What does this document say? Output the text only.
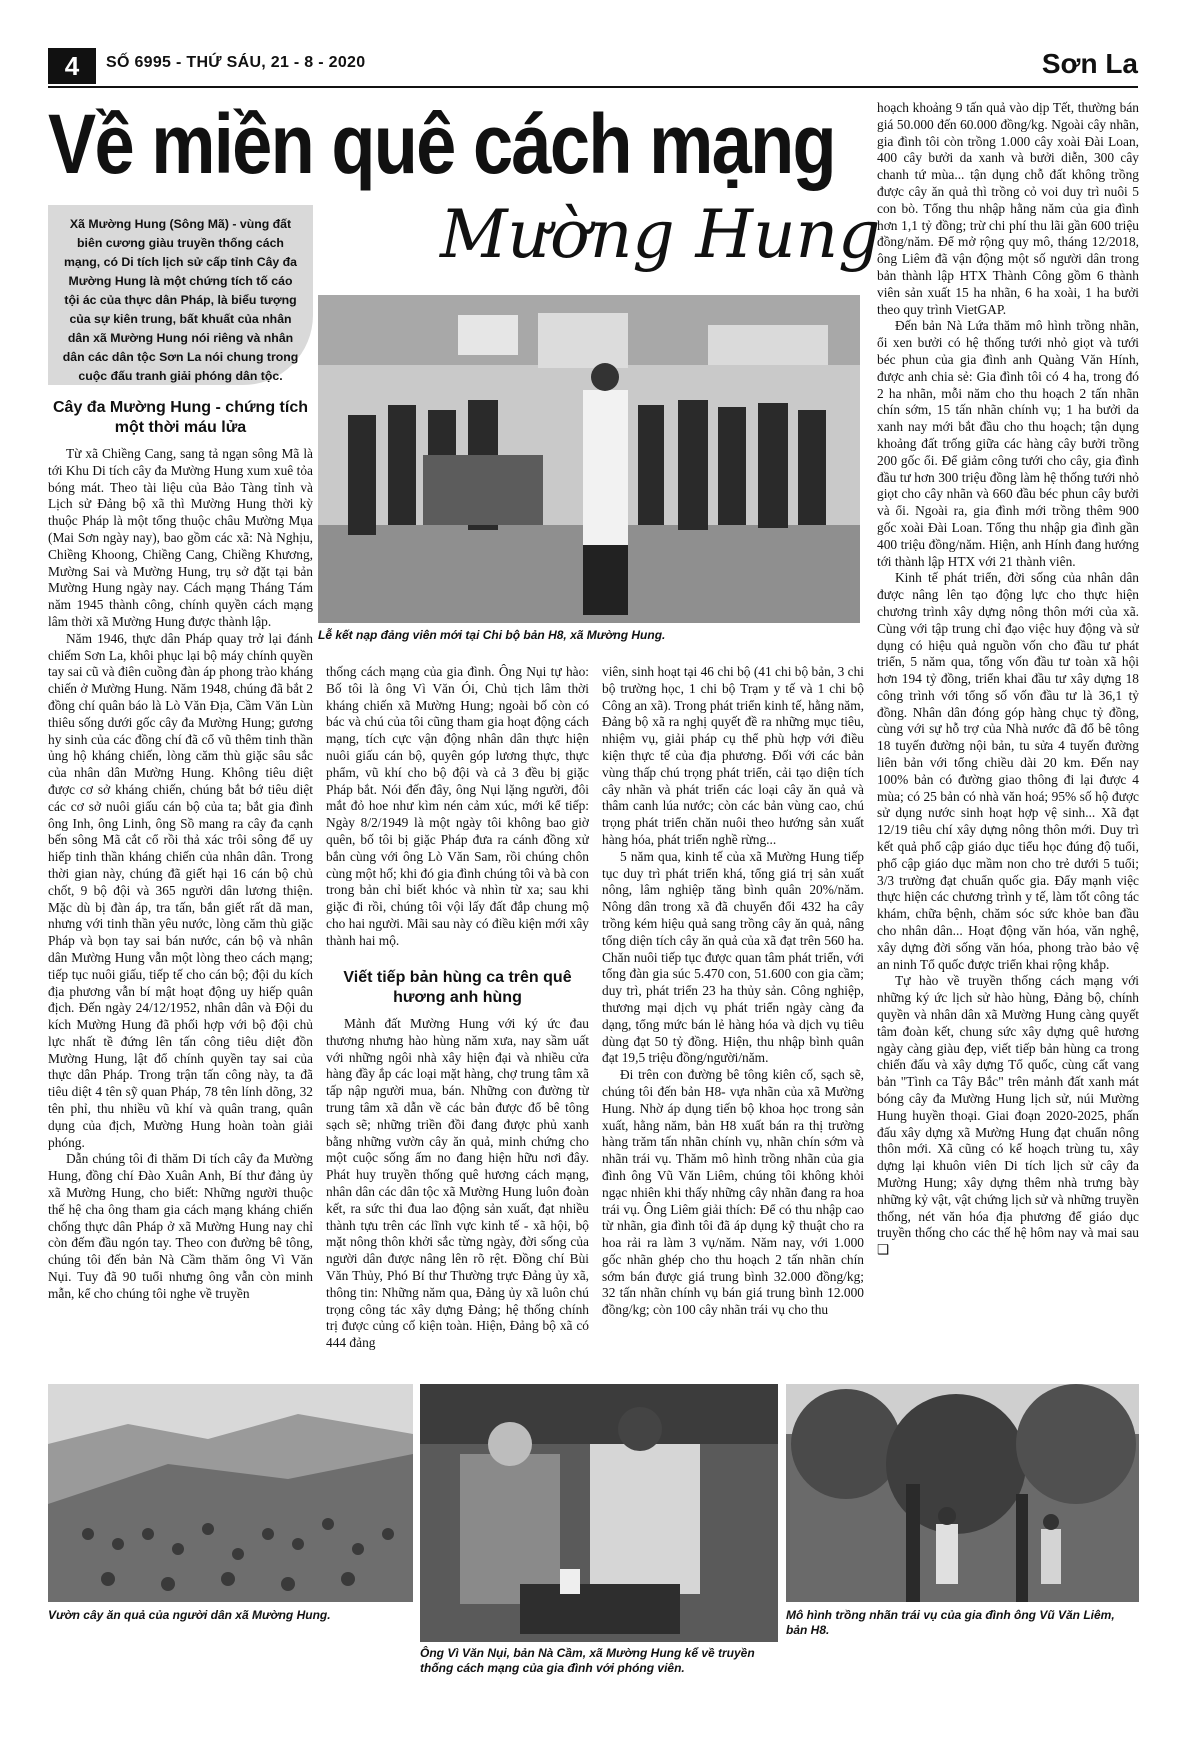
4	SỐ 6995 - THỨ SÁU, 21 - 8 - 2020	Sơn La
Về miền quê cách mạng
Mường Hung
Xã Mường Hung (Sông Mã) - vùng đất biên cương giàu truyền thống cách mạng, có Di tích lịch sử cấp tỉnh Cây đa Mường Hung là một chứng tích tố cáo tội ác của thực dân Pháp, là biểu tượng của sự kiên trung, bất khuất của nhân dân xã Mường Hung nói riêng và nhân dân các dân tộc Sơn La nói chung trong cuộc đấu tranh giải phóng dân tộc.
Lễ kết nạp đảng viên mới tại Chi bộ bản H8, xã Mường Hung.
Cây đa Mường Hung - chứng tích một thời máu lửa

Từ xã Chiềng Cang, sang tả ngạn sông Mã là tới Khu Di tích cây đa Mường Hung xum xuê tỏa bóng mát. Theo tài liệu của Bảo Tàng tỉnh và Lịch sử Đảng bộ xã thì Mường Hung thời kỳ thuộc Pháp là một tổng thuộc châu Mường Mụa (Mai Sơn ngày nay), bao gồm các xã: Nà Nghịu, Chiềng Khoong, Chiềng Cang, Chiềng Khương, Mường Sai và Mường Hung, trụ sở đặt tại bản Mường Hung ngày nay. Cách mạng Tháng Tám năm 1945 thành công, chính quyền cách mạng lâm thời xã Mường Hung được thành lập.

Năm 1946, thực dân Pháp quay trở lại đánh chiếm Sơn La, khôi phục lại bộ máy chính quyền tay sai cũ và điên cuồng đàn áp phong trào kháng chiến ở Mường Hung. Năm 1948, chúng đã bắt 2 đồng chí quân báo là Lò Văn Địa, Cầm Văn Lùn thiêu sống dưới gốc cây đa Mường Hung; gương hy sinh của các đồng chí đã cổ vũ thêm tinh thần ủng hộ kháng chiến, lòng căm thù giặc sâu sắc của nhân dân Mường Hung. Không tiêu diệt được cơ sở kháng chiến, chúng bắt bớ tiêu diệt các cơ sở nuôi giấu cán bộ của ta; bắt gia đình ông Inh, ông Linh, ông Sồ mang ra cây đa cạnh bến sông Mã cắt cổ rồi thả xác trôi sông để uy hiếp tinh thần kháng chiến của nhân dân. Trong thời gian này, chúng đã giết hại 16 cán bộ chủ chốt, 9 bộ đội và 365 người dân lương thiện. Mặc dù bị đàn áp, tra tấn, bắn giết rất dã man, nhưng với tinh thần yêu nước, lòng căm thù giặc Pháp và bọn tay sai bán nước, cán bộ và nhân dân Mường Hung vẫn một lòng theo cách mạng; tiếp tục nuôi giấu, tiếp tế cho cán bộ; đội du kích địa phương vẫn bí mật hoạt động uy hiếp quân địch. Đến ngày 24/12/1952, nhân dân và Đội du kích Mường Hung đã phối hợp với bộ đội chủ lực nhất tề đứng lên tấn công tiêu diệt đồn Mường Hung, lật đổ chính quyền tay sai của thực dân Pháp. Trong trận tấn công này, ta đã tiêu diệt 4 tên sỹ quan Pháp, 78 tên lính dõng, 32 tên phỉ, thu nhiều vũ khí và quân trang, quân dụng của địch, Mường Hung hoàn toàn giải phóng.

Dẫn chúng tôi đi thăm Di tích cây đa Mường Hung, đồng chí Đào Xuân Anh, Bí thư đảng ủy xã Mường Hung, cho biết: Những người thuộc thế hệ cha ông tham gia cách mạng kháng chiến chống thực dân Pháp ở xã Mường Hung nay chỉ còn đếm đầu ngón tay. Theo con đường bê tông, chúng tôi đến bản Nà Cầm thăm ông Vì Văn Nụi. Tuy đã 90 tuổi nhưng ông vẫn còn minh mẫn, kể cho chúng tôi nghe về truyền

thống cách mạng của gia đình. Ông Nụi tự hào: Bố tôi là ông Vì Văn Ói, Chủ tịch lâm thời kháng chiến xã Mường Hung; ngoài bố còn có bác và chú của tôi cũng tham gia hoạt động cách mạng, tích cực vận động nhân dân thực hiện nuôi giấu cán bộ, quyên góp lương thực, thực phẩm, vũ khí cho bộ đội và cả 3 đều bị giặc Pháp bắt. Nói đến đây, ông Nụi lặng người, đôi mắt đỏ hoe như kìm nén cảm xúc, mới kể tiếp: Ngày 8/2/1949 là một ngày tôi không bao giờ quên, bố tôi bị giặc Pháp đưa ra cánh đồng xử bắn cùng với ông Lò Văn Sam, rồi chúng chôn cùng một hố; khi đó gia đình chúng tôi và bà con trong bản chỉ biết khóc và nhìn từ xa; sau khi giặc đi rồi, chúng tôi vội lấy đất đắp chung mộ cho hai người. Mãi sau này có điều kiện mới xây thành hai mộ.

Viết tiếp bản hùng ca trên quê hương anh hùng

Mảnh đất Mường Hung với ký ức đau thương nhưng hào hùng năm xưa, nay sầm uất với những ngôi nhà xây hiện đại và nhiều cửa hàng đầy ắp các loại mặt hàng, chợ trung tâm xã tấp nập người mua, bán. Những con đường từ trung tâm xã dẫn về các bản được đổ bê tông sạch sẽ; những triền đồi đang được phủ xanh bằng những vườn cây ăn quả, minh chứng cho một cuộc sống ấm no đang hiện hữu nơi đây. Phát huy truyền thống quê hương cách mạng, nhân dân các dân tộc xã Mường Hung luôn đoàn kết, ra sức thi đua lao động sản xuất, đạt nhiều thành tựu trên các lĩnh vực kinh tế - xã hội, bộ mặt nông thôn khởi sắc từng ngày, đời sống của người dân được nâng lên rõ rệt. Đồng chí Bùi Văn Thủy, Phó Bí thư Thường trực Đảng ủy xã, thông tin: Những năm qua, Đảng ủy xã luôn chú trọng công tác xây dựng Đảng; hệ thống chính trị được củng cố kiện toàn. Hiện, Đảng bộ xã có 444 đảng

viên, sinh hoạt tại 46 chi bộ (41 chi bộ bản, 3 chi bộ trường học, 1 chi bộ Trạm y tế và 1 chi bộ Công an xã). Trong phát triển kinh tế, hằng năm, Đảng bộ xã ra nghị quyết đề ra những mục tiêu, nhiệm vụ, giải pháp cụ thể phù hợp với điều kiện thực tế của địa phương. Đối với các bản vùng thấp chú trọng phát triển, cải tạo diện tích cây nhãn và phát triển các loại cây ăn quả và thâm canh lúa nước; còn các bản vùng cao, chú trọng phát triển chăn nuôi theo hướng sản xuất hàng hóa, phát triển nghề rừng...

5 năm qua, kinh tế của xã Mường Hung tiếp tục duy trì phát triển khá, tổng giá trị sản xuất nông, lâm nghiệp tăng bình quân 20%/năm. Nông dân trong xã đã chuyển đổi 432 ha cây trồng kém hiệu quả sang trồng cây ăn quả, nâng tổng diện tích cây ăn quả của xã đạt trên 560 ha. Chăn nuôi tiếp tục được quan tâm phát triển, với tổng đàn gia súc 5.470 con, 51.600 con gia cầm; duy trì, phát triển 23 ha thủy sản. Công nghiệp, thương mại dịch vụ phát triển ngày càng đa dạng, tổng mức bán lẻ hàng hóa và dịch vụ tiêu dùng đạt 50 tỷ đồng. Hiện, thu nhập bình quân đạt 19,5 triệu đồng/người/năm.

Đi trên con đường bê tông kiên cố, sạch sẽ, chúng tôi đến bản H8- vựa nhãn của xã Mường Hung. Nhờ áp dụng tiến bộ khoa học trong sản xuất, hằng năm, bản H8 xuất bán ra thị trường hàng trăm tấn nhãn chính vụ, nhãn chín sớm và nhãn trái vụ. Thăm mô hình trồng nhãn của gia đình ông Vũ Văn Liêm, chúng tôi không khỏi ngạc nhiên khi thấy những cây nhãn đang ra hoa trái vụ. Ông Liêm giải thích: Để có thu nhập cao từ nhãn, gia đình tôi đã áp dụng kỹ thuật cho ra hoa rải ra làm 3 vụ/năm. Năm nay, với 1.000 gốc nhãn ghép cho thu hoạch 2 tấn nhãn chín sớm bán được giá trung bình 32.000 đồng/kg; 32 tấn nhãn chính vụ bán giá trung bình 12.000 đồng/kg; còn 100 cây nhãn trái vụ cho thu

hoạch khoảng 9 tấn quả vào dịp Tết, thường bán giá 50.000 đến 60.000 đồng/kg. Ngoài cây nhãn, gia đình tôi còn trồng 1.000 cây xoài Đài Loan, 400 cây bưởi da xanh và bưởi diễn, 300 cây chanh tứ mùa... tận dụng chỗ đất không trồng được cây ăn quả thì trồng cỏ voi duy trì nuôi 5 con bò. Tổng thu nhập hằng năm của gia đình hơn 1,1 tỷ đồng; trừ chi phí thu lãi gần 600 triệu đồng/năm. Để mở rộng quy mô, tháng 12/2018, ông Liêm đã vận động một số người dân trong bản thành lập HTX Thành Công gồm 6 thành viên sản xuất 15 ha nhãn, 6 ha xoài, 1 ha bưởi theo quy trình VietGAP.

Đến bản Nà Lứa thăm mô hình trồng nhãn, ổi xen bưởi có hệ thống tưới nhỏ giọt và tưới béc phun của gia đình anh Quàng Văn Hính, được anh chia sẻ: Gia đình tôi có 4 ha, trong đó 2 ha nhãn, mỗi năm cho thu hoạch 2 tấn nhãn chín sớm, 15 tấn nhãn chính vụ; 1 ha bưởi da xanh nay mới bắt đầu cho thu hoạch; tận dụng khoảng đất trống giữa các hàng cây bưởi trồng 200 gốc ổi. Để giảm công tưới cho cây, gia đình đầu tư hơn 300 triệu đồng làm hệ thống tưới nhỏ giọt cho cây nhãn và 660 đầu béc phun cây bưởi và ổi. Ngoài ra, gia đình mới trồng thêm 900 gốc xoài Đài Loan. Tổng thu nhập gia đình gần 400 triệu đồng/năm. Hiện, anh Hính đang hướng tới thành lập HTX với 21 thành viên.

Kinh tế phát triển, đời sống của nhân dân được nâng lên tạo động lực cho thực hiện chương trình xây dựng nông thôn mới của xã. Cùng với tập trung chỉ đạo việc huy động và sử dụng có hiệu quả nguồn vốn cho đầu tư phát triển, 5 năm qua, tổng vốn đầu tư toàn xã hội hơn 194 tỷ đồng, triển khai đầu tư xây dựng 18 công trình với tổng số vốn đầu tư là 36,1 tỷ đồng. Nhân dân đóng góp hàng chục tỷ đồng, cùng với sự hỗ trợ của Nhà nước đã đổ bê tông 18 tuyến đường nội bản, tu sửa 4 tuyến đường liên bản với tổng chiều dài 20 km. Đến nay 100% bản có đường giao thông đi lại được 4 mùa; có 25 bản có nhà văn hoá; 95% số hộ được sử dụng nước sinh hoạt hợp vệ sinh... Xã đạt 12/19 tiêu chí xây dựng nông thôn mới. Duy trì kết quả phổ cập giáo dục tiểu học đúng độ tuổi, phổ cập giáo dục mầm non cho trẻ dưới 5 tuổi; 3/3 trường đạt chuẩn quốc gia. Đẩy mạnh việc thực hiện các chương trình y tế, làm tốt công tác khám, chữa bệnh, chăm sóc sức khỏe ban đầu cho nhân dân... Hoạt động văn hóa, văn nghệ, xây dựng đời sống văn hóa, phong trào bảo vệ an ninh Tổ quốc được triển khai rộng khắp.

Tự hào về truyền thống cách mạng với những ký ức lịch sử hào hùng, Đảng bộ, chính quyền và nhân dân xã Mường Hung càng quyết tâm đoàn kết, chung sức xây dựng quê hương ngày càng giàu đẹp, viết tiếp bản hùng ca trong chiến đấu và xây dựng Tổ quốc, cùng cất vang bản "Tình ca Tây Bắc" trên mảnh đất xanh mát bóng cây đa Mường Hung lịch sử, núi Mường Hung huyền thoại. Giai đoạn 2020-2025, phấn đấu xây dựng xã Mường Hung đạt chuẩn nông thôn mới. Xã cũng có kế hoạch trùng tu, xây dựng lại khuôn viên Di tích lịch sử cây đa Mường Hung; xây dựng thêm nhà trưng bày những kỷ vật, vật chứng lịch sử và những truyền thống, nét văn hóa địa phương để giáo dục truyền thống cho các thế hệ hôm nay và mai sau ❑

Vườn cây ăn quả của người dân xã Mường Hung.
Ông Vì Văn Nụi, bản Nà Cầm, xã Mường Hung kể về truyền thống cách mạng của gia đình với phóng viên.
Mô hình trồng nhãn trái vụ của gia đình ông Vũ Văn Liêm, bản H8.
